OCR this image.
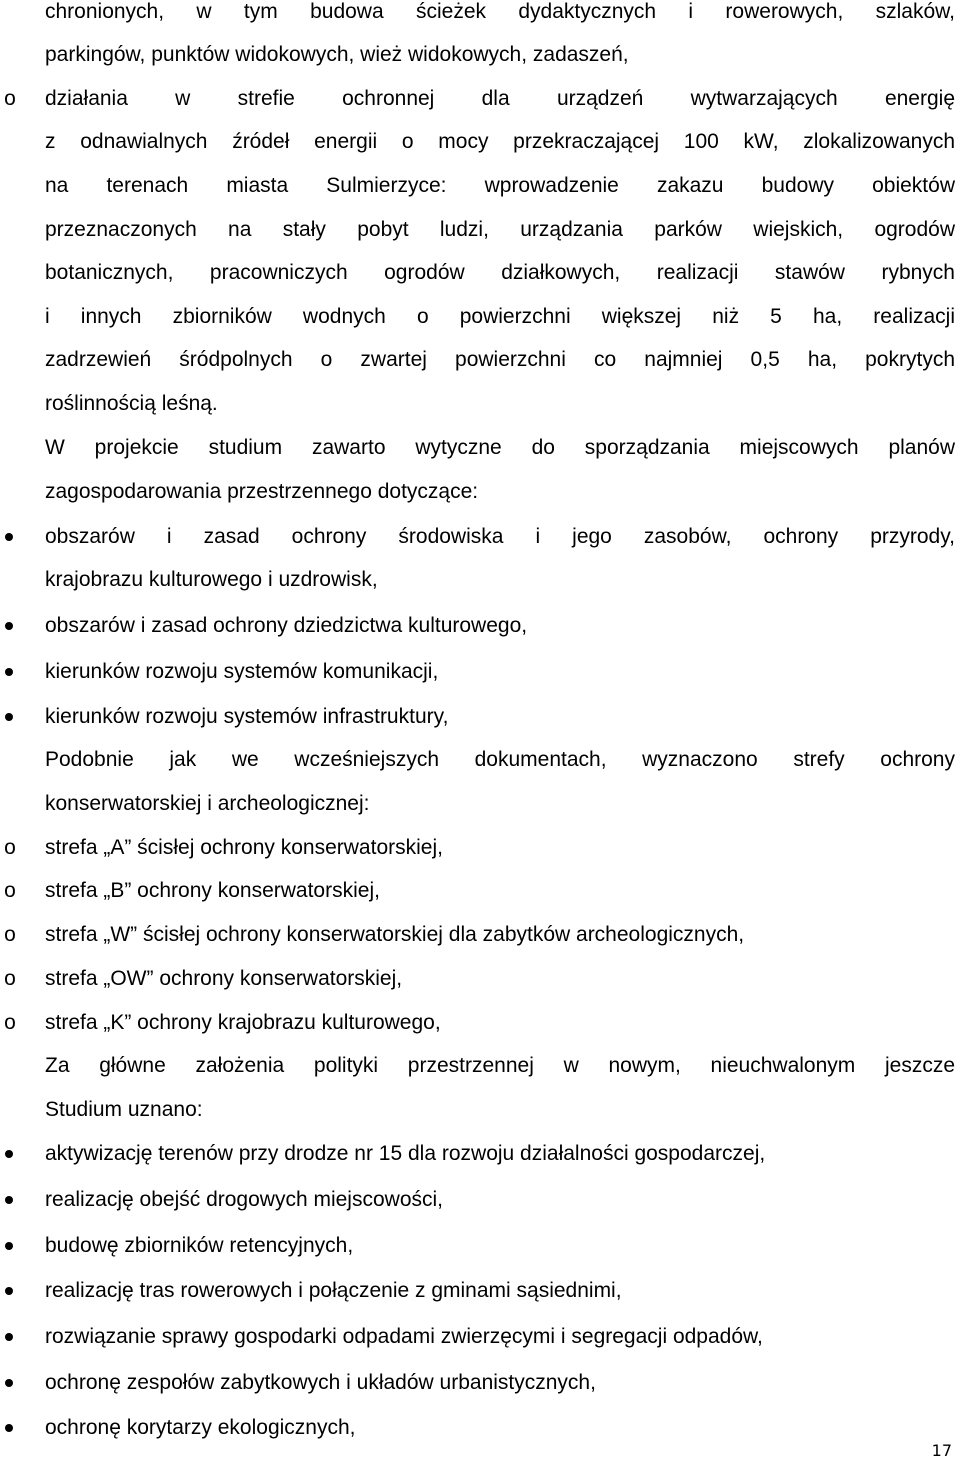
chronionych, w tym budowa ścieżek dydaktycznych i rowerowych, szlaków,
parkingów, punktów widokowych, wież widokowych, zadaszeń,
o działania w strefie ochronnej dla urządzeń wytwarzających energię
z odnawialnych źródeł energii o mocy przekraczającej 100 kW, zlokalizowanych
na terenach miasta Sulmierzyce: wprowadzenie zakazu budowy obiektów
przeznaczonych na stały pobyt ludzi, urządzania parków wiejskich, ogrodów
botanicznych, pracowniczych ogrodów działkowych, realizacji stawów rybnych
i innych zbiorników wodnych o powierzchni większej niż 5 ha, realizacji
zadrzewień śródpolnych o zwartej powierzchni co najmniej 0,5 ha, pokrytych
roślinnością leśną.
W projekcie studium zawarto wytyczne do sporządzania miejscowych planów
zagospodarowania przestrzennego dotyczące:
obszarów i zasad ochrony środowiska i jego zasobów, ochrony przyrody,
krajobrazu kulturowego i uzdrowisk,
obszarów i zasad ochrony dziedzictwa kulturowego,
kierunków rozwoju systemów komunikacji,
kierunków rozwoju systemów infrastruktury,
Podobnie jak we wcześniejszych dokumentach, wyznaczono strefy ochrony
konserwatorskiej i archeologicznej:
o strefa „A” ścisłej ochrony konserwatorskiej,
o strefa „B” ochrony konserwatorskiej,
o strefa „W” ścisłej ochrony konserwatorskiej dla zabytków archeologicznych,
o strefa „OW” ochrony konserwatorskiej,
o strefa „K” ochrony krajobrazu kulturowego,
Za główne założenia polityki przestrzennej w nowym, nieuchwalonym jeszcze
Studium uznano:
aktywizację terenów przy drodze nr 15 dla rozwoju działalności gospodarczej,
realizację obejść drogowych miejscowości,
budowę zbiorników retencyjnych,
realizację tras rowerowych i połączenie z gminami sąsiednimi,
rozwiązanie sprawy gospodarki odpadami zwierzęcymi i segregacji odpadów,
ochronę zespołów zabytkowych i układów urbanistycznych,
ochronę korytarzy ekologicznych,
17
